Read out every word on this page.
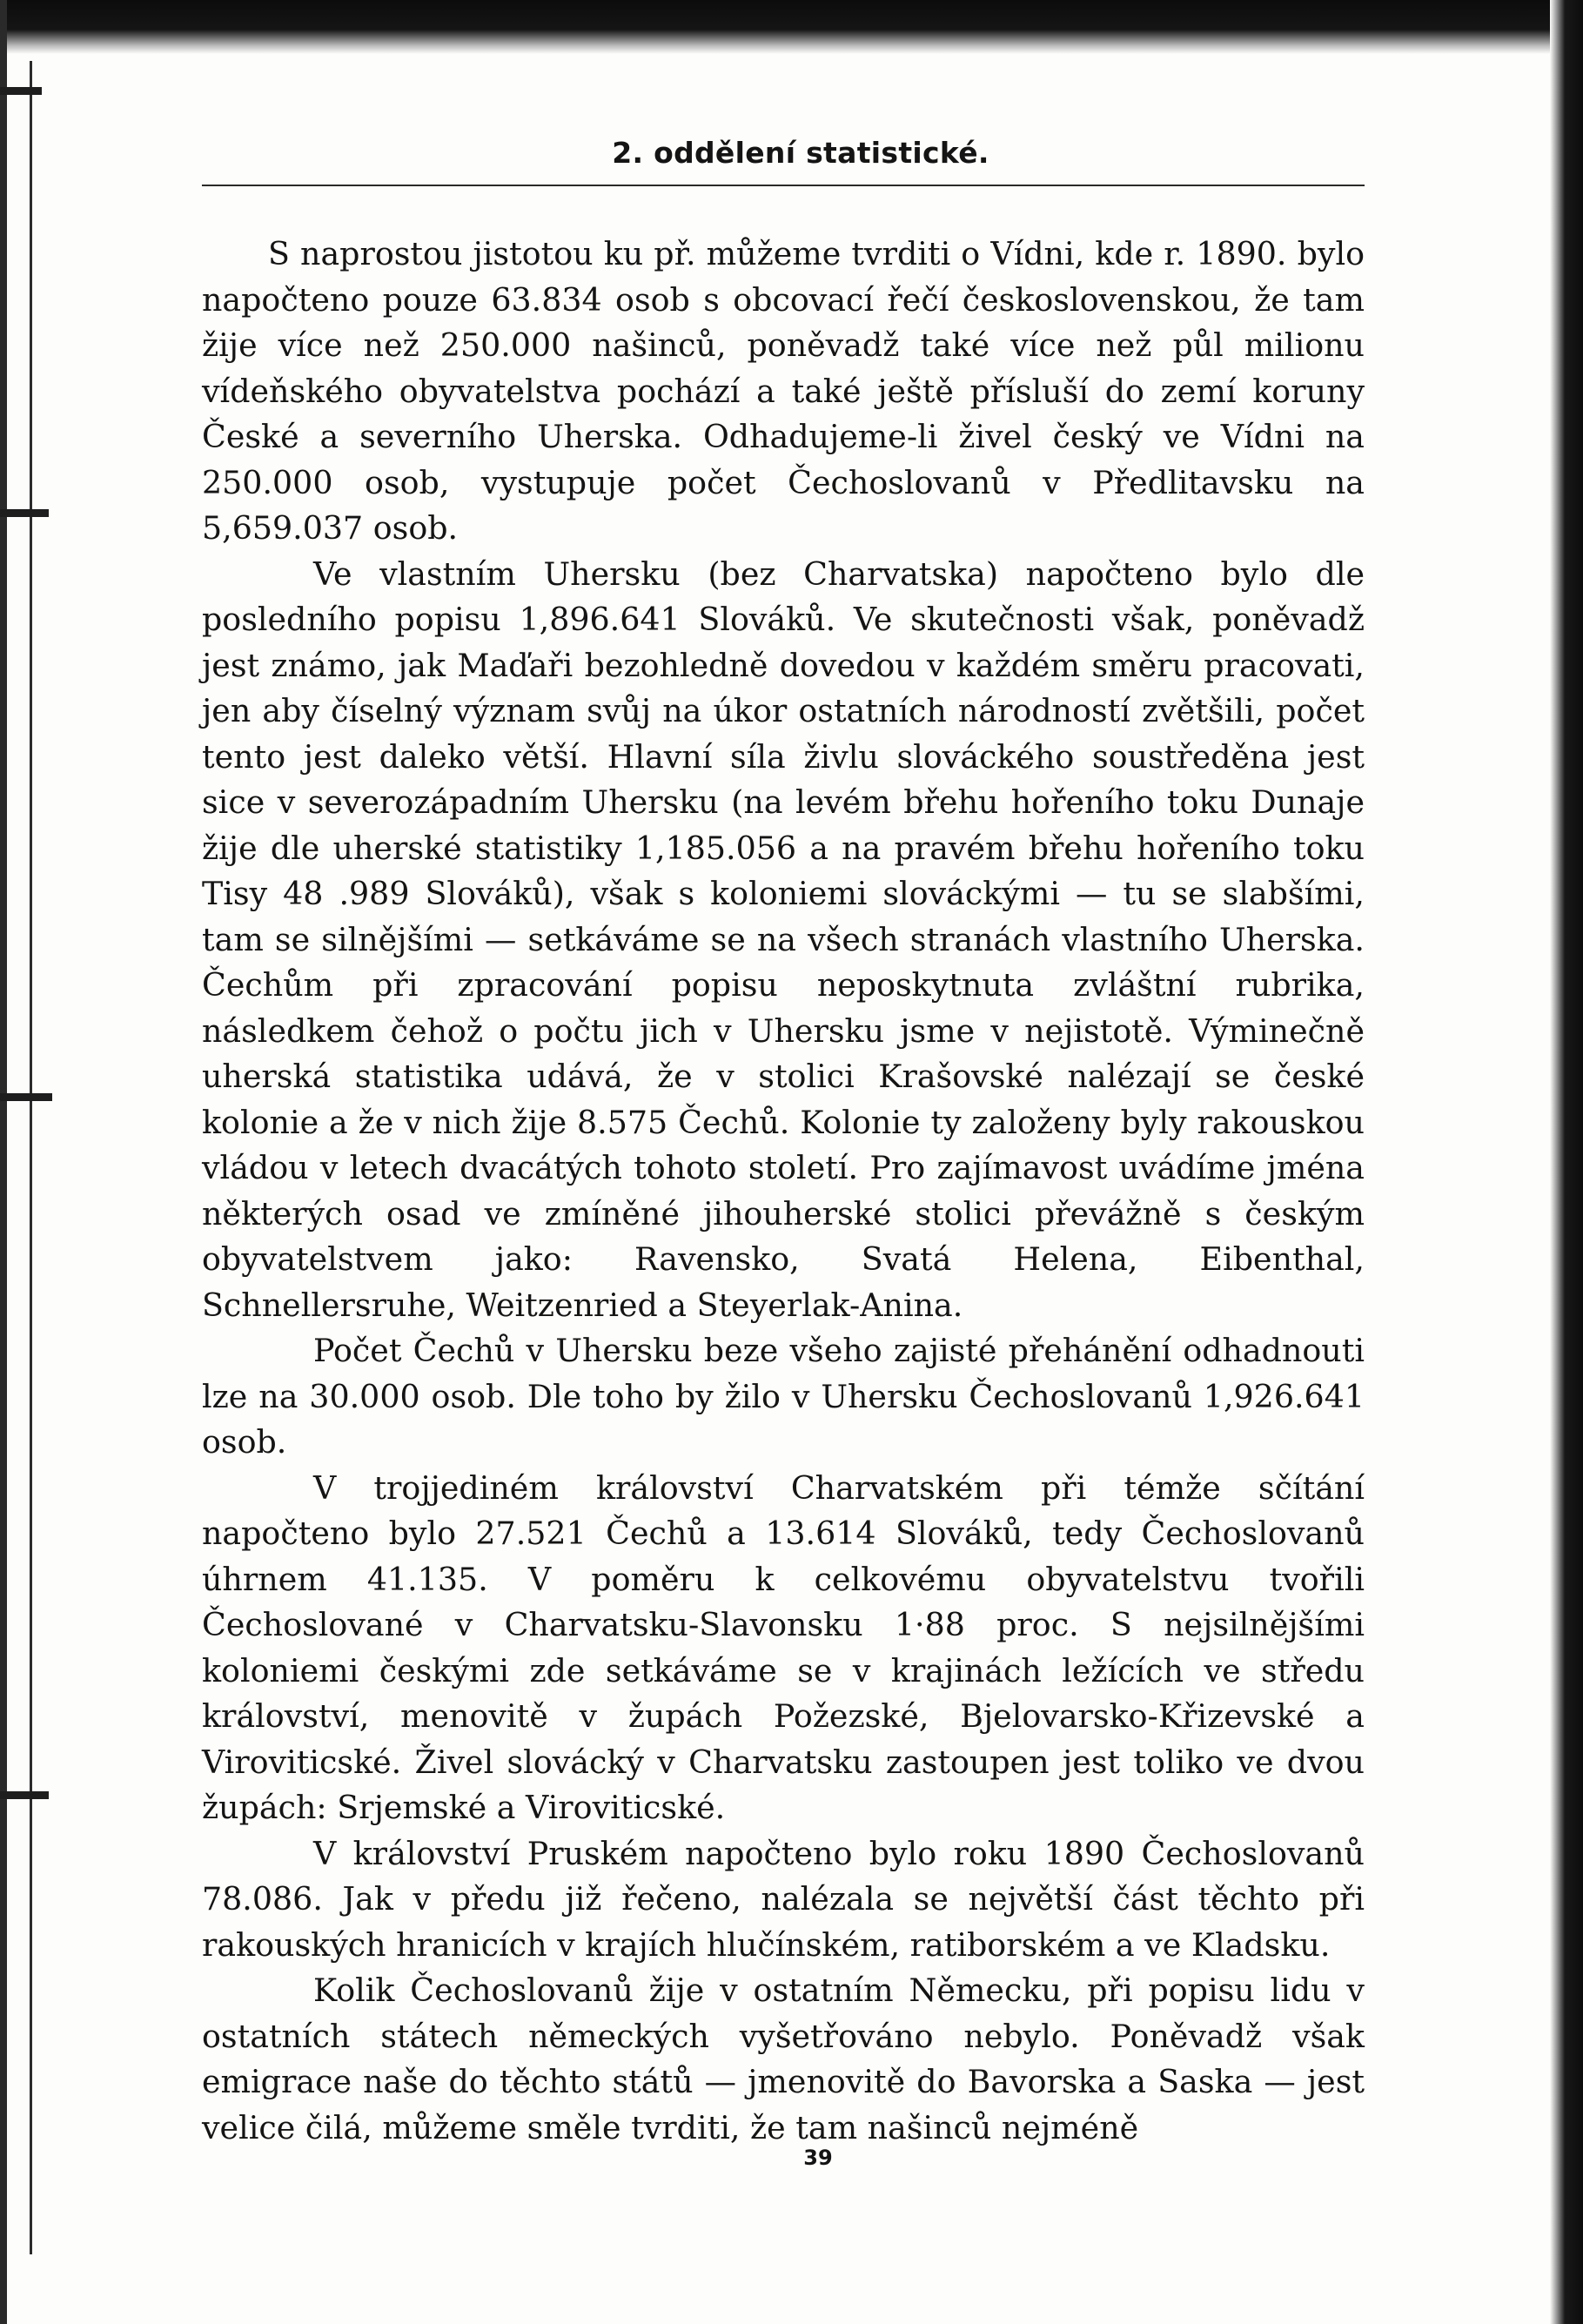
2. oddělení statistické.

S naprostou jistotou ku př. můžeme tvrditi o Vídni, kde r. 1890. bylo napočteno pouze 63.834 osob s obcovací řečí československou, že tam žije více než 250.000 našinců, poněvadž také více než půl milionu vídeňského obyvatelstva pochází a také ještě přísluší do zemí koruny České a severního Uherska. Odhadujeme-li živel český ve Vídni na 250.000 osob, vystupuje počet Čechoslovanů v Předlitavsku na 5,659.037 osob.

Ve vlastním Uhersku (bez Charvatska) napočteno bylo dle posledního popisu 1,896.641 Slováků. Ve skutečnosti však, poněvadž jest známo, jak Maďaři bezohledně dovedou v každém směru pracovati, jen aby číselný význam svůj na úkor ostatních národností zvětšili, počet tento jest daleko větší. Hlavní síla živlu slováckého soustředěna jest sice v severozápadním Uhersku (na levém břehu hořeního toku Dunaje žije dle uherské statistiky 1,185.056 a na pravém břehu hořeního toku Tisy 48 .989 Slováků), však s koloniemi slováckými — tu se slabšími, tam se silnějšími — setkáváme se na všech stranách vlastního Uherska. Čechům při zpracování popisu neposkytnuta zvláštní rubrika, následkem čehož o počtu jich v Uhersku jsme v nejistotě. Výminečně uherská statistika udává, že v stolici Krašovské nalézají se české kolonie a že v nich žije 8.575 Čechů. Kolonie ty založeny byly rakouskou vládou v letech dvacátých tohoto století. Pro zajímavost uvádíme jména některých osad ve zmíněné jihouherské stolici převážně s českým obyvatelstvem jako: Ravensko, Svatá Helena, Eibenthal, Schnellersruhe, Weitzenried a Steyerlak-Anina.

Počet Čechů v Uhersku beze všeho zajisté přehánění odhadnouti lze na 30.000 osob. Dle toho by žilo v Uhersku Čechoslovanů 1,926.641 osob.

V trojjediném království Charvatském při témže sčítání napočteno bylo 27.521 Čechů a 13.614 Slováků, tedy Čechoslovanů úhrnem 41.135. V poměru k celkovému obyvatelstvu tvořili Čechoslované v Charvatsku-Slavonsku 1·88 proc. S nejsilnějšími koloniemi českými zde setkáváme se v krajinách ležících ve středu království, menovitě v župách Požezské, Bjelovarsko-Křizevské a Viroviticské. Živel slovácký v Charvatsku zastoupen jest toliko ve dvou župách: Srjemské a Viroviticské.

V království Pruském napočteno bylo roku 1890 Čechoslovanů 78.086. Jak v předu již řečeno, nalézala se největší část těchto při rakouských hranicích v krajích hlučínském, ratiborském a ve Kladsku.

Kolik Čechoslovanů žije v ostatním Německu, při popisu lidu v ostatních státech německých vyšetřováno nebylo. Poněvadž však emigrace naše do těchto států — jmenovitě do Bavorska a Saska — jest velice čilá, můžeme směle tvrditi, že tam našinců nejméně

39
